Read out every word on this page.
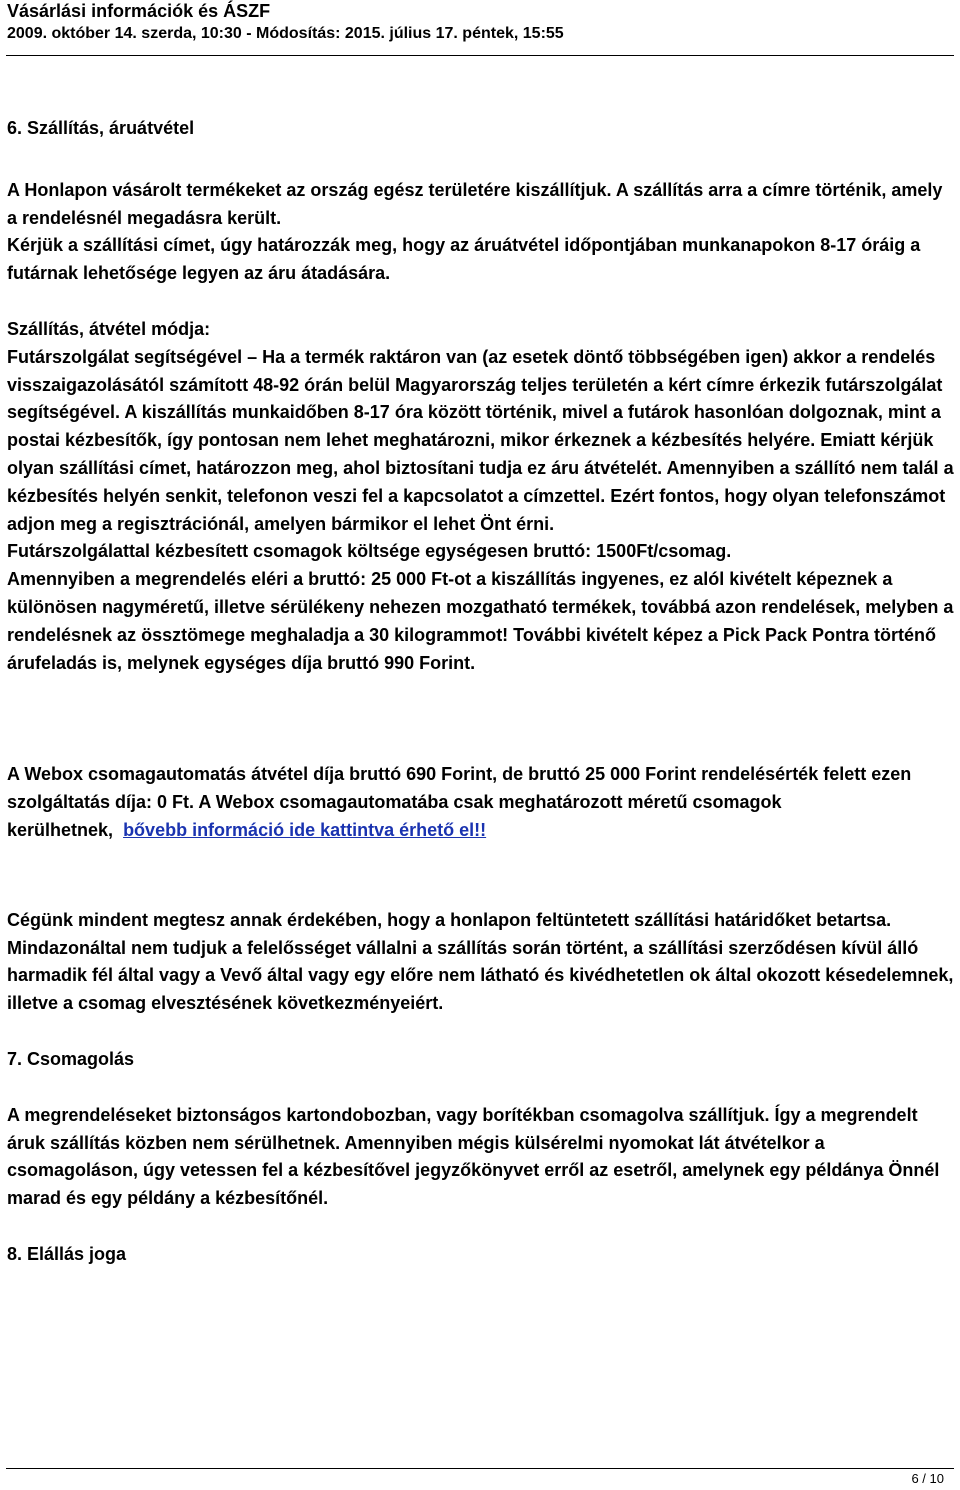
Vásárlási információk és ÁSZF

2009. október 14. szerda, 10:30 - Módosítás: 2015. július 17. péntek, 15:55

6. Szállítás, áruátvétel

A Honlapon vásárolt termékeket az ország egész területére kiszállítjuk. A szállítás arra a címre történik, amely a rendelésnél megadásra került.

Kérjük a szállítási címet, úgy határozzák meg, hogy az áruátvétel időpontjában munkanapokon 8-17 óráig a futárnak lehetősége legyen az áru átadására.

Szállítás, átvétel módja:

Futárszolgálat segítségével – Ha a termék raktáron van (az esetek döntő többségében igen) akkor a rendelés visszaigazolásától számított 48-92 órán belül Magyarország teljes területén a kért címre érkezik futárszolgálat segítségével. A kiszállítás munkaidőben 8-17 óra között történik, mivel a futárok hasonlóan dolgoznak, mint a postai kézbesítők, így pontosan nem lehet meghatározni, mikor érkeznek a kézbesítés helyére. Emiatt kérjük olyan szállítási címet, határozzon meg, ahol biztosítani tudja ez áru átvételét. Amennyiben a szállító nem talál a kézbesítés helyén senkit, telefonon veszi fel a kapcsolatot a címzettel. Ezért fontos, hogy olyan telefonszámot adjon meg a regisztrációnál, amelyen bármikor el lehet Önt érni.

Futárszolgálattal kézbesített csomagok költsége egységesen bruttó: 1500Ft/csomag.

Amennyiben a megrendelés eléri a bruttó: 25 000 Ft-ot a kiszállítás ingyenes, ez alól kivételt képeznek a különösen nagyméretű, illetve sérülékeny nehezen mozgatható termékek, továbbá azon rendelések, melyben a rendelésnek az össztömege meghaladja a 30 kilogrammot! További kivételt képez a Pick Pack Pontra történő árufeladás is, melynek egységes díja bruttó 990 Forint.

A Webox csomagautomatás átvétel díja bruttó 690 Forint, de bruttó 25 000 Forint rendelésérték felett ezen szolgáltatás díja: 0 Ft. A Webox csomagautomatába csak meghatározott méretű csomagok kerülhetnek, bővebb információ ide kattintva érhető el!!

Cégünk mindent megtesz annak érdekében, hogy a honlapon feltüntetett szállítási határidőket betartsa. Mindazonáltal nem tudjuk a felelősséget vállalni a szállítás során történt, a szállítási szerződésen kívül álló harmadik fél által vagy a Vevő által vagy egy előre nem látható és kivédhetetlen ok által okozott késedelemnek, illetve a csomag elvesztésének következményeiért.

7. Csomagolás

A megrendeléseket biztonságos kartondobozban, vagy borítékban csomagolva szállítjuk. Így a megrendelt áruk szállítás közben nem sérülhetnek. Amennyiben mégis külsérelmi nyomokat lát átvételkor a csomagoláson, úgy vetessen fel a kézbesítővel jegyzőkönyvet erről az esetről, amelynek egy példánya Önnél marad és egy példány a kézbesítőnél.

8. Elállás joga

6 / 10
